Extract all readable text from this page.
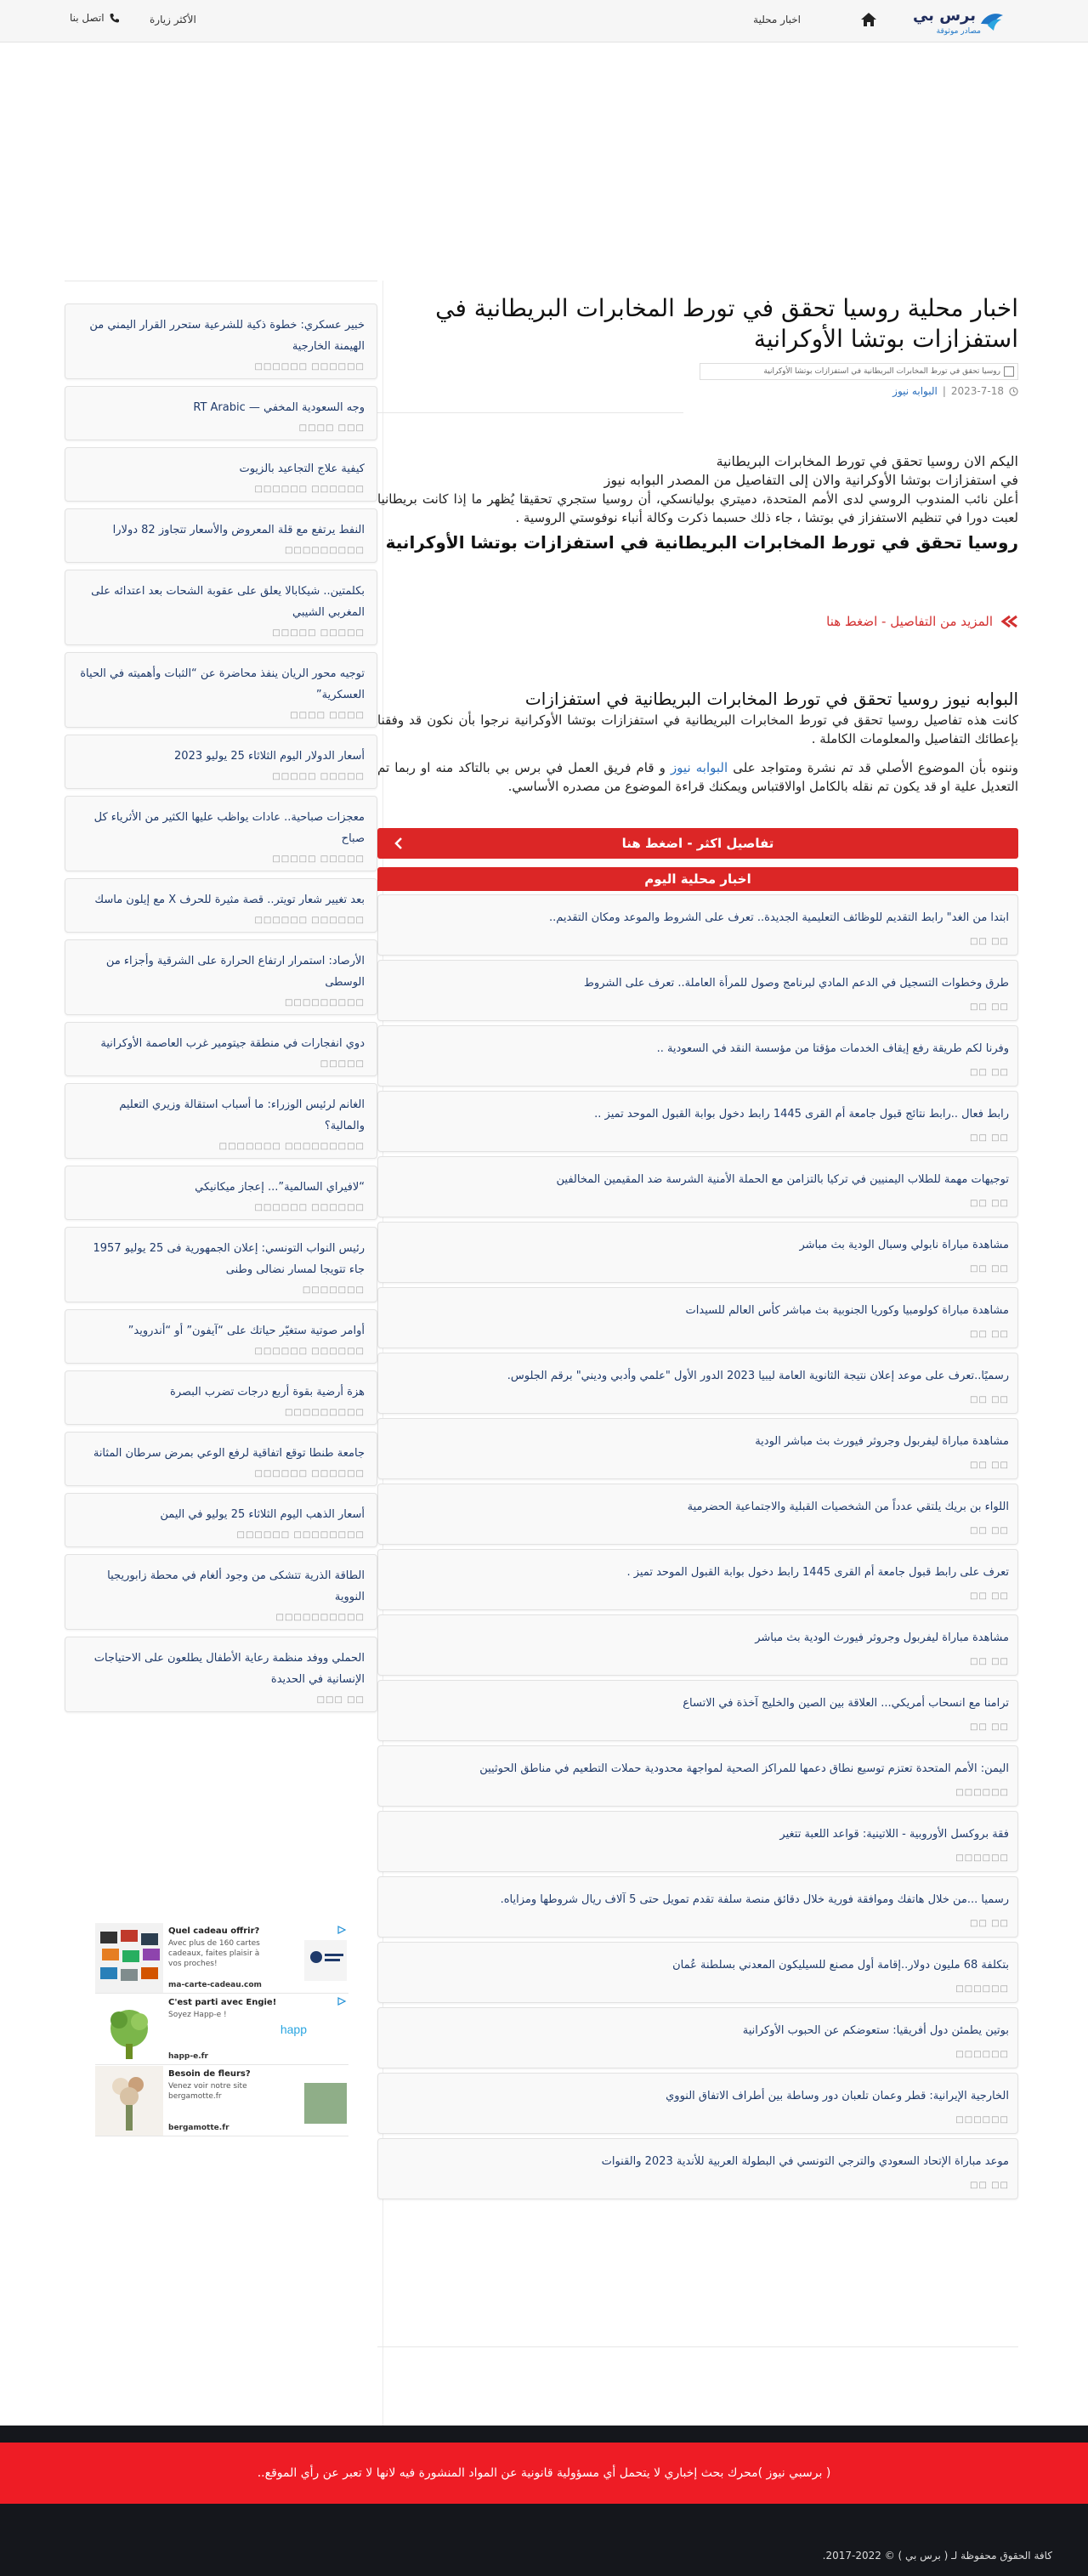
برس بي
مصادر موثوقة
اخبار محلية
الأكثر زيارة
اتصل بنا
اخبار محلية روسيا تحقق في تورط المخابرات البريطانية في استفزازات بوتشا الأوكرانية
روسيا تحقق في تورط المخابرات البريطانية في استفزازات بوتشا الأوكرانية
2023-7-18
|
البوابه نيوز
اليكم الان روسيا تحقق في تورط المخابرات البريطانية
في استفزازات بوتشا الأوكرانية والان إلى التفاصيل من المصدر البوابه نيوز

أعلن نائب المندوب الروسي لدى الأمم المتحدة، دميتري بوليانسكي، أن روسيا ستجري تحقيقا يُظهر ما إذا كانت بريطانيا لعبت دورا في تنظيم الاستفزاز في بوتشا ، جاء ذلك حسبما ذكرت وكالة أنباء نوفوستي الروسية .

روسيا تحقق في تورط المخابرات البريطانية في استفزازات بوتشا الأوكرانية
المزيد من التفاصيل - اضغط هنا
البوابه نيوز روسيا تحقق في تورط المخابرات البريطانية في استفزازات

كانت هذه تفاصيل روسيا تحقق في تورط المخابرات البريطانية في استفزازات بوتشا الأوكرانية نرجوا بأن نكون قد وفقنا بإعطائك التفاصيل والمعلومات الكاملة .

وننوه بأن الموضوع الأصلي قد تم نشرة ومتواجد على البوابه نيوز و قام فريق العمل في برس بي بالتاكد منه او ربما تم التعديل علية او قد يكون تم نقله بالكامل اوالاقتباس ويمكنك قراءة الموضوع من مصدره الأساسي.

تفاصيل اكثر - اضغط هنا
اخبار محلية اليوم
ابتدا من الغد" رابط التقديم للوظائف التعليمية الجديدة.. تعرف على الشروط والموعد ومكان التقديم..
□□ □□
طرق وخطوات التسجيل في الدعم المادي لبرنامج وصول للمرأة العاملة.. تعرف على الشروط
□□ □□
وفرنا لكم طريقة رفع إيقاف الخدمات مؤقتا من مؤسسة النقد في السعودية ..
□□ □□
رابط فعال ..رابط نتائج قبول جامعة أم القرى 1445 رابط دخول بوابة القبول الموحد تميز ..
□□ □□
توجيهات مهمة للطلاب اليمنيين في تركيا بالتزامن مع الحملة الأمنية الشرسة ضد المقيمين المخالفين
□□ □□
مشاهدة مباراة نابولي وسبال الودية بث مباشر
□□ □□
مشاهدة مباراة كولومبيا وكوريا الجنوبية بث مباشر كأس العالم للسيدات
□□ □□
رسميًا..تعرف على موعد إعلان نتيجة الثانوية العامة ليبيا 2023 الدور الأول "علمي وأدبي وديني" برقم الجلوس.
□□ □□
مشاهدة مباراة ليفربول وجروثر فيورث بث مباشر الودية
□□ □□
اللواء بن بريك يلتقي عدداً من الشخصيات القبلية والاجتماعية الحضرمية
□□ □□
تعرف على رابط قبول جامعة أم القرى 1445 رابط دخول بوابة القبول الموحد تميز .
□□ □□
مشاهدة مباراة ليفربول وجروثر فيورث الودية بث مباشر
□□ □□
ترامنا مع انسحاب أمريكي... العلاقة بين الصين والخليج آخذة في الاتساع
□□ □□
اليمن: الأمم المتحدة تعتزم توسيع نطاق دعمها للمراكز الصحية لمواجهة محدودية حملات التطعيم في مناطق الحوثيين
□□□□□□
فقة بروكسل الأوروبية - اللاتينية: قواعد اللعبة تتغير
□□□□□□
رسميا ...من خلال هاتفك وموافقة فورية خلال دقائق منصة سلفة تقدم تمويل حتى 5 آلاف ريال شروطها ومزاياه.
□□ □□
بتكلفة 68 مليون دولار..إقامة أول مصنع للسيليكون المعدني بسلطنة عُمان
□□□□□□
بوتين يطمئن دول أفريقيا: ستعوضكم عن الحبوب الأوكرانية
□□□□□□
الخارجية الإيرانية: قطر وعمان تلعبان دور وساطة بين أطراف الاتفاق النووي
□□□□□□
موعد مباراة الإتحاد السعودي والترجي التونسي في البطولة العربية للأندية 2023 والقنوات
□□ □□
خبير عسكري: خطوة ذكية للشرعية ستحرر القرار اليمني من الهيمنة الخارجية
□□□□□□ □□□□□□
وجه السعودية المخفي — RT Arabic
□□□ □□□□
كيفية علاج التجاعيد بالزيوت
□□□□□□ □□□□□□
النفط يرتفع مع قلة المعروض والأسعار تتجاوز 82 دولارا
□□□□□□□□□
بكلمتين.. شيكابالا يعلق على عقوبة الشحات بعد اعتدائه على المغربي الشيبي
□□□□□ □□□□□
توجيه محور الريان ينفذ محاضرة عن “الثبات وأهميته في الحياة العسكرية”
□□□□ □□□□
أسعار الدولار اليوم الثلاثاء 25 يوليو 2023
□□□□□ □□□□□
معجزات صباحية.. عادات يواظب عليها الكثير من الأثرياء كل صباح
□□□□□ □□□□□
بعد تغيير شعار تويتر.. قصة مثيرة للحرف X مع إيلون ماسك
□□□□□□ □□□□□□
الأرصاد: استمرار ارتفاع الحرارة على الشرقية وأجزاء من الوسطى
□□□□□□□□□
دوي انفجارات في منطقة جيتومير غرب العاصمة الأوكرانية
□□□□□
الغانم لرئيس الوزراء: ما أسباب استقالة وزيري التعليم والمالية؟
□□□□□□□□□ □□□□□□□
“لافيراي السالمية”... إعجاز ميكانيكي
□□□□□□ □□□□□□
رئيس النواب التونسي: إعلان الجمهورية فى 25 يوليو 1957 جاء تتويجا لمسار نضالى وطنى
□□□□□□□
أوامر صوتية ستغيّر حياتك على “آيفون” أو “أندرويد”
□□□□□□ □□□□□□
هزة أرضية بقوة أربع درجات تضرب البصرة
□□□□□□□□□
جامعة طنطا توقع اتفاقية لرفع الوعي بمرض سرطان المثانة
□□□□□□ □□□□□□
أسعار الذهب اليوم الثلاثاء 25 يوليو في اليمن
□□□□□□□□ □□□□□□
الطاقة الذرية تتشكى من وجود ألغام في محطة زابوريجيا النووية
□□□□□□□□□□
الحملي ووفد منظمة رعاية الأطفال يطلعون على الاحتياجات الإنسانية في الحديدة
□□ □□□
Quel cadeau offrir?
Avec plus de 160 cartes cadeaux, faites plaisir à vos proches!
ma-carte-cadeau.com
C'est parti avec Engie!
Soyez Happ-e !
happ-e.fr
happ
Besoin de fleurs?
Venez voir notre site bergamotte.fr
bergamotte.fr
( برسبي نيوز )محرك بحث إخباري لا يتحمل أي مسؤولية قانونية عن المواد المنشورة فيه لانها لا تعبر عن رأي الموقع..
كافة الحقوق محفوظة لـ ( برس بي ) © 2022-2017.
